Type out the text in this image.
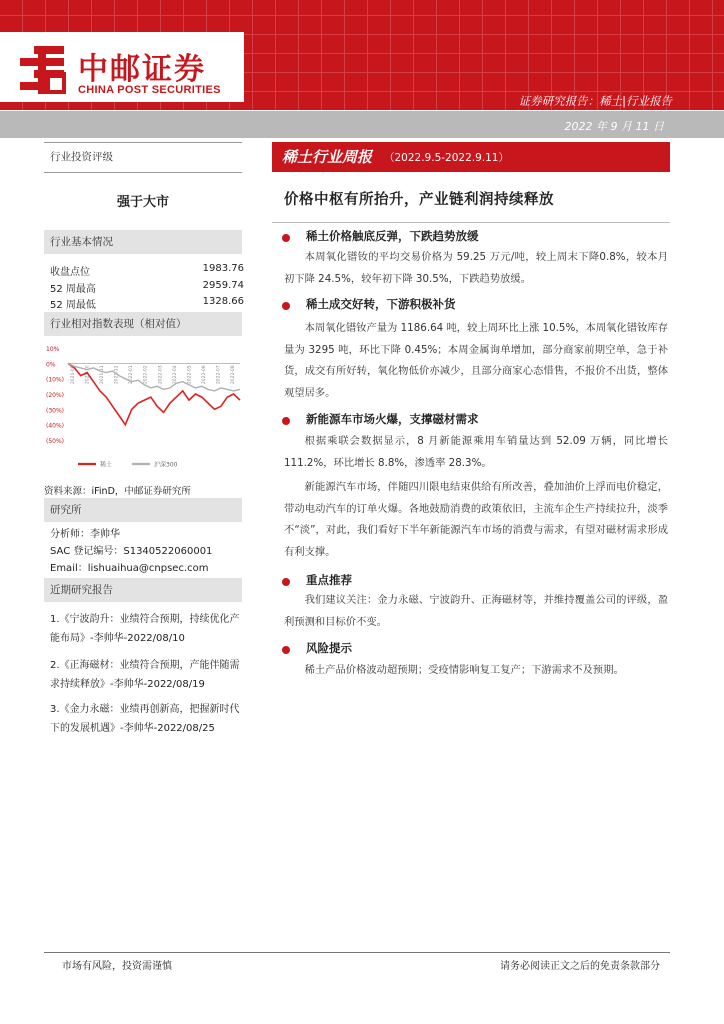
中邮证券
CHINA POST SECURITIES
证券研究报告：稀土|行业报告
2022 年 9 月 11 日
行业投资评级
强于大市
行业基本情况
收盘点位	1983.76
52 周最高	2959.74
52 周最低	1328.66
行业相对指数表现（相对值）
10%
0%
(10%)
(20%)
(30%)
(40%)
(50%)
2021-09 2021-10 2021-11 2021-12 2022-01 2022-02 2022-03 2022-04 2022-05 2022-06 2022-07 2022-08
稀土	沪深300
资料来源：iFinD，中邮证券研究所
研究所
分析师：李帅华
SAC 登记编号：S1340522060001
Email：lishuaihua@cnpsec.com
近期研究报告
1.《宁波韵升：业绩符合预期，持续优化产能布局》-李帅华-2022/08/10
2.《正海磁材：业绩符合预期，产能伴随需求持续释放》-李帅华-2022/08/19
3.《金力永磁：业绩再创新高，把握新时代下的发展机遇》-李帅华-2022/08/25
稀土行业周报 （2022.9.5-2022.9.11）
价格中枢有所抬升，产业链利润持续释放
稀土价格触底反弹，下跌趋势放缓
本周氧化镨钕的平均交易价格为 59.25 万元/吨，较上周末下降0.8%，较本月初下降 24.5%，较年初下降 30.5%，下跌趋势放缓。
稀土成交好转，下游积极补货
本周氧化镨钕产量为 1186.64 吨，较上周环比上涨 10.5%，本周氧化镨钕库存量为 3295 吨，环比下降 0.45%；本周金属询单增加，部分商家前期空单，急于补货，成交有所好转，氧化物低价亦减少，且部分商家心态惜售，不报价不出货，整体观望居多。
新能源车市场火爆，支撑磁材需求
根据乘联会数据显示，8 月新能源乘用车销量达到 52.09 万辆，同比增长 111.2%，环比增长 8.8%，渗透率 28.3%。
新能源汽车市场，伴随四川限电结束供给有所改善，叠加油价上浮而电价稳定，带动电动汽车的订单火爆。各地鼓励消费的政策依旧，主流车企生产持续拉升，淡季不“淡”，对此，我们看好下半年新能源汽车市场的消费与需求，有望对磁材需求形成有利支撑。
重点推荐
我们建议关注：金力永磁、宁波韵升、正海磁材等，并维持覆盖公司的评级，盈利预测和目标价不变。
风险提示
稀土产品价格波动超预期；受疫情影响复工复产；下游需求不及预期。
市场有风险，投资需谨慎	请务必阅读正文之后的免责条款部分
